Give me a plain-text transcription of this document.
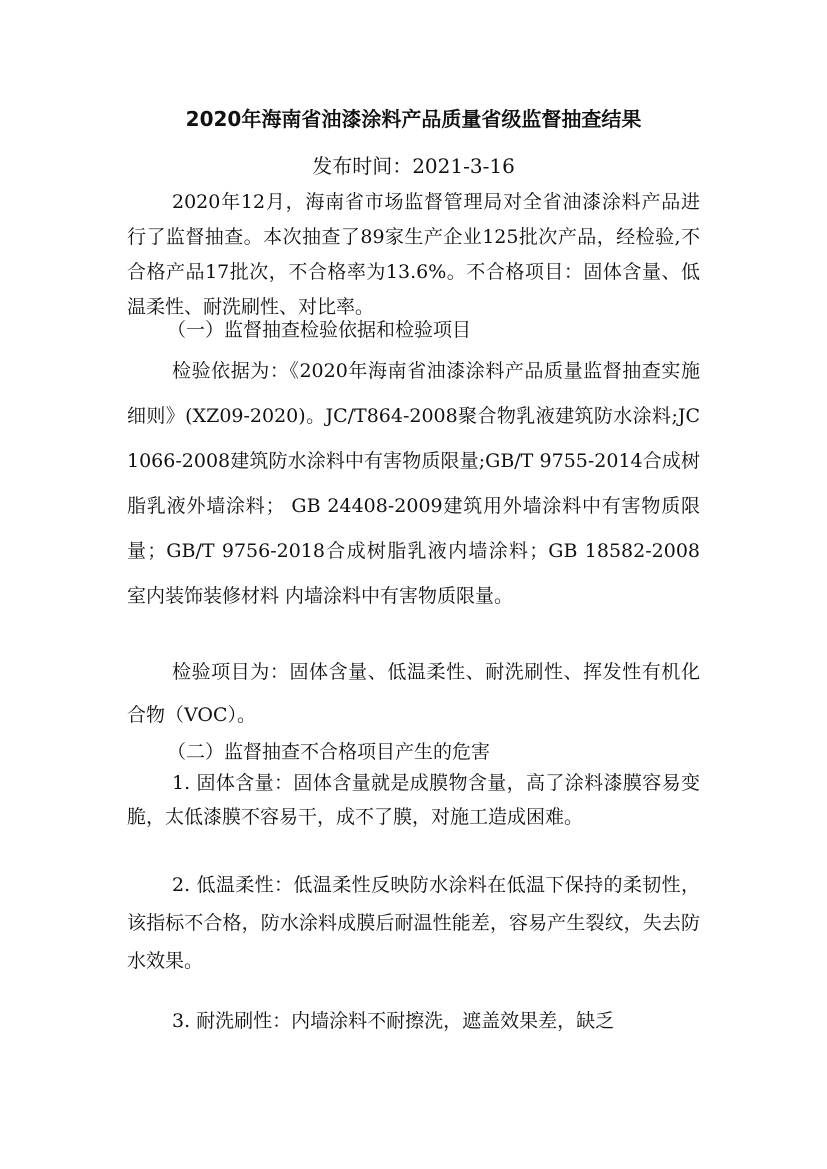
2020年海南省油漆涂料产品质量省级监督抽查结果
发布时间：2021-3-16

2020年12月，海南省市场监督管理局对全省油漆涂料产品进行了监督抽查。本次抽查了89家生产企业125批次产品，经检验,不合格产品17批次，不合格率为13.6%。不合格项目：固体含量、低温柔性、耐洗刷性、对比率。

（一）监督抽查检验依据和检验项目

检验依据为：《2020年海南省油漆涂料产品质量监督抽查实施细则》(XZ09-2020)。JC/T864-2008聚合物乳液建筑防水涂料;JC 1066-2008建筑防水涂料中有害物质限量;GB/T 9755-2014合成树脂乳液外墙涂料； GB 24408-2009建筑用外墙涂料中有害物质限量；GB/T 9756-2018合成树脂乳液内墙涂料；GB 18582-2008室内装饰装修材料 内墙涂料中有害物质限量。

检验项目为：固体含量、低温柔性、耐洗刷性、挥发性有机化合物（VOC）。

（二）监督抽查不合格项目产生的危害

1. 固体含量：固体含量就是成膜物含量，高了涂料漆膜容易变脆，太低漆膜不容易干，成不了膜，对施工造成困难。

2. 低温柔性：低温柔性反映防水涂料在低温下保持的柔韧性，该指标不合格，防水涂料成膜后耐温性能差，容易产生裂纹，失去防水效果。

3. 耐洗刷性：内墙涂料不耐擦洗，遮盖效果差，缺乏
